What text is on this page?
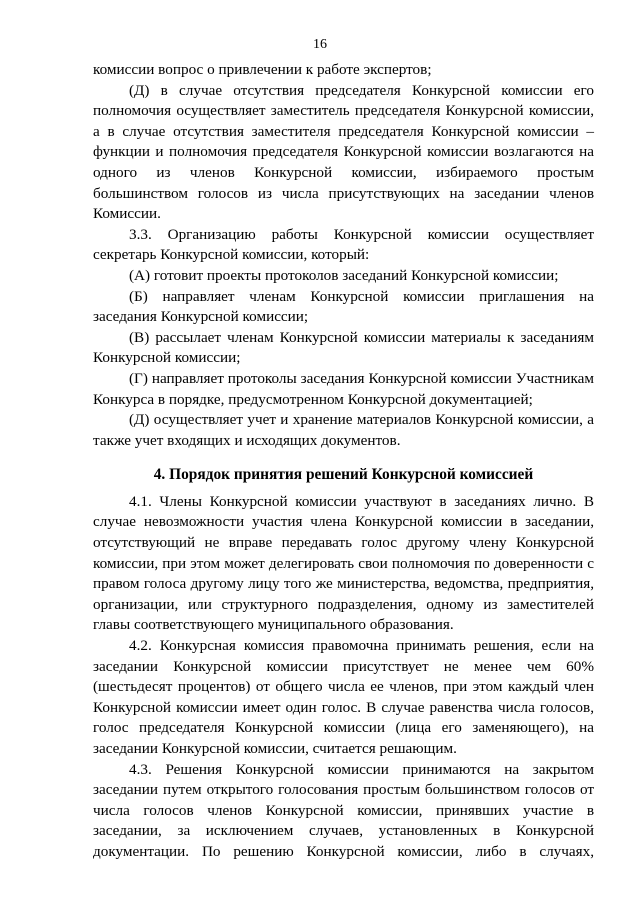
16

комиссии вопрос о привлечении к работе экспертов;

(Д) в случае отсутствия председателя Конкурсной комиссии его полномочия осуществляет заместитель председателя Конкурсной комиссии, а в случае отсутствия заместителя председателя Конкурсной комиссии – функции и полномочия председателя Конкурсной комиссии возлагаются на одного из членов Конкурсной комиссии, избираемого простым большинством голосов из числа присутствующих на заседании членов Комиссии.

3.3. Организацию работы Конкурсной комиссии осуществляет секретарь Конкурсной комиссии, который:

(А) готовит проекты протоколов заседаний Конкурсной комиссии;

(Б) направляет членам Конкурсной комиссии приглашения на заседания Конкурсной комиссии;

(В) рассылает членам Конкурсной комиссии материалы к заседаниям Конкурсной комиссии;

(Г) направляет протоколы заседания Конкурсной комиссии Участникам Конкурса в порядке, предусмотренном Конкурсной документацией;

(Д) осуществляет учет и хранение материалов Конкурсной комиссии, а также учет входящих и исходящих документов.

4. Порядок принятия решений Конкурсной комиссией

4.1. Члены Конкурсной комиссии участвуют в заседаниях лично. В случае невозможности участия члена Конкурсной комиссии в заседании, отсутствующий не вправе передавать голос другому члену Конкурсной комиссии, при этом может делегировать свои полномочия по доверенности с правом голоса другому лицу того же министерства, ведомства, предприятия, организации, или структурного подразделения, одному из заместителей главы соответствующего муниципального образования.

4.2. Конкурсная комиссия правомочна принимать решения, если на заседании Конкурсной комиссии присутствует не менее чем 60% (шестьдесят процентов) от общего числа ее членов, при этом каждый член Конкурсной комиссии имеет один голос. В случае равенства числа голосов, голос председателя Конкурсной комиссии (лица его заменяющего), на заседании Конкурсной комиссии, считается решающим.

4.3. Решения Конкурсной комиссии принимаются на закрытом заседании путем открытого голосования простым большинством голосов от числа голосов членов Конкурсной комиссии, принявших участие в заседании, за исключением случаев, установленных в Конкурсной документации. По решению Конкурсной комиссии, либо в случаях,
